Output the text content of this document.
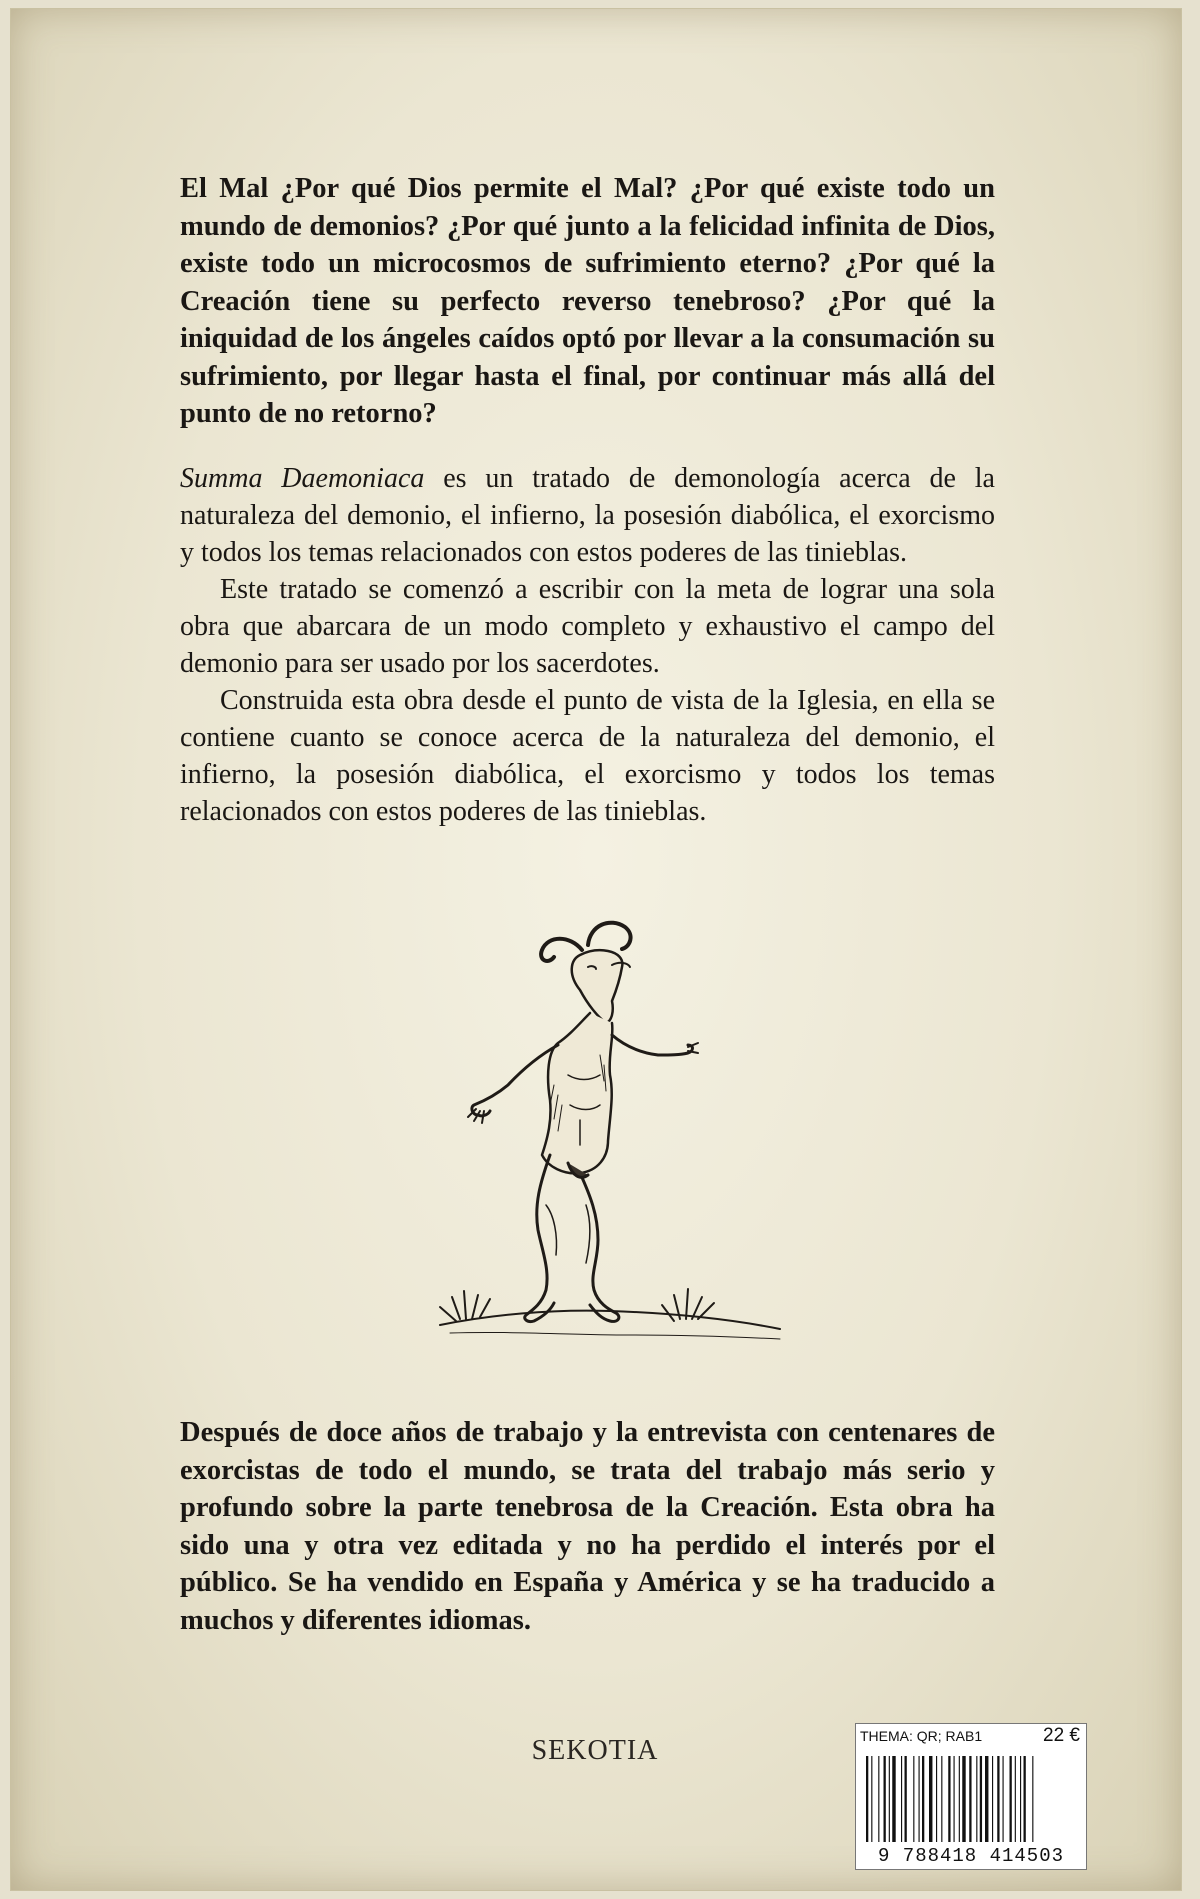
El Mal ¿Por qué Dios permite el Mal? ¿Por qué existe todo un mundo de demonios? ¿Por qué junto a la felicidad infinita de Dios, existe todo un microcosmos de sufrimiento eterno? ¿Por qué la Creación tiene su perfecto reverso tenebroso? ¿Por qué la iniquidad de los ángeles caídos optó por llevar a la consumación su sufrimiento, por llegar hasta el final, por continuar más allá del punto de no retorno?

Summa Daemoniaca es un tratado de demonología acerca de la naturaleza del demonio, el infierno, la posesión diabólica, el exorcismo y todos los temas relacionados con estos poderes de las tinieblas.

Este tratado se comenzó a escribir con la meta de lograr una sola obra que abarcara de un modo completo y exhaustivo el campo del demonio para ser usado por los sacerdotes.

Construida esta obra desde el punto de vista de la Iglesia, en ella se contiene cuanto se conoce acerca de la naturaleza del demonio, el infierno, la posesión diabólica, el exorcismo y todos los temas relacionados con estos poderes de las tinieblas.

Después de doce años de trabajo y la entrevista con centenares de exorcistas de todo el mundo, se trata del trabajo más serio y profundo sobre la parte tenebrosa de la Creación. Esta obra ha sido una y otra vez editada y no ha perdido el interés por el público. Se ha vendido en España y América y se ha traducido a muchos y diferentes idiomas.

SEKOTIA	THEMA: QR; RAB1	22 €
9 788418 414503
